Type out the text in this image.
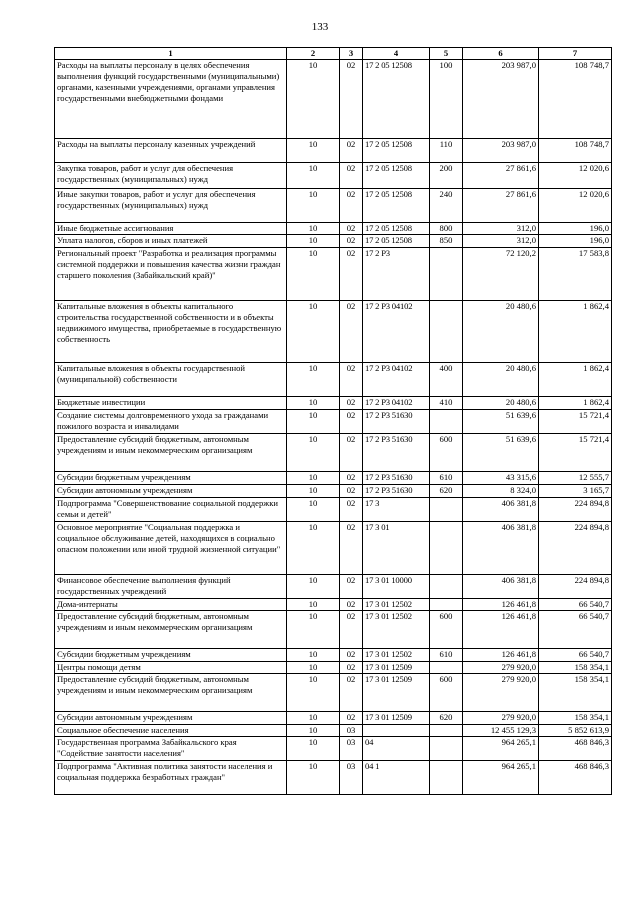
133
1	2	3	4	5	6	7
Расходы на выплаты персоналу в целях обеспечения выполнения функций государственными (муниципальными) органами, казенными учреждениями, органами управления государственными внебюджетными фондами	10	02	17 2 05 12508	100	203 987,0	108 748,7
Расходы на выплаты персоналу казенных учреждений	10	02	17 2 05 12508	110	203 987,0	108 748,7
Закупка товаров, работ и услуг для обеспечения государственных (муниципальных) нужд	10	02	17 2 05 12508	200	27 861,6	12 020,6
Иные закупки товаров, работ и услуг для обеспечения государственных (муниципальных) нужд	10	02	17 2 05 12508	240	27 861,6	12 020,6
Иные бюджетные ассигнования	10	02	17 2 05 12508	800	312,0	196,0
Уплата налогов, сборов и иных платежей	10	02	17 2 05 12508	850	312,0	196,0
Региональный проект "Разработка и реализация программы системной поддержки и повышения качества жизни граждан старшего поколения (Забайкальский край)"	10	02	17 2 Р3		72 120,2	17 583,8
Капитальные вложения в объекты капитального строительства государственной собственности и в объекты недвижимого имущества, приобретаемые в государственную собственность	10	02	17 2 Р3 04102		20 480,6	1 862,4
Капитальные вложения в объекты государственной (муниципальной) собственности	10	02	17 2 Р3 04102	400	20 480,6	1 862,4
Бюджетные инвестиции	10	02	17 2 Р3 04102	410	20 480,6	1 862,4
Создание системы долговременного ухода за гражданами пожилого возраста и инвалидами	10	02	17 2 Р3 51630		51 639,6	15 721,4
Предоставление субсидий бюджетным, автономным учреждениям и иным некоммерческим организациям	10	02	17 2 Р3 51630	600	51 639,6	15 721,4
Субсидии бюджетным учреждениям	10	02	17 2 Р3 51630	610	43 315,6	12 555,7
Субсидии автономным учреждениям	10	02	17 2 Р3 51630	620	8 324,0	3 165,7
Подпрограмма "Совершенствование социальной поддержки семьи и детей"	10	02	17 3		406 381,8	224 894,8
Основное мероприятие "Социальная поддержка и социальное обслуживание детей, находящихся в социально опасном положении или иной трудной жизненной ситуации"	10	02	17 3 01		406 381,8	224 894,8
Финансовое обеспечение выполнения функций государственных учреждений	10	02	17 3 01 10000		406 381,8	224 894,8
Дома-интернаты	10	02	17 3 01 12502		126 461,8	66 540,7
Предоставление субсидий бюджетным, автономным учреждениям и иным некоммерческим организациям	10	02	17 3 01 12502	600	126 461,8	66 540,7
Субсидии бюджетным учреждениям	10	02	17 3 01 12502	610	126 461,8	66 540,7
Центры помощи детям	10	02	17 3 01 12509		279 920,0	158 354,1
Предоставление субсидий бюджетным, автономным учреждениям и иным некоммерческим организациям	10	02	17 3 01 12509	600	279 920,0	158 354,1
Субсидии автономным учреждениям	10	02	17 3 01 12509	620	279 920,0	158 354,1
Социальное обеспечение населения	10	03			12 455 129,3	5 852 613,9
Государственная программа Забайкальского края "Содействие занятости населения"	10	03	04		964 265,1	468 846,3
Подпрограмма "Активная политика занятости населения и социальная поддержка безработных граждан"	10	03	04 1		964 265,1	468 846,3
